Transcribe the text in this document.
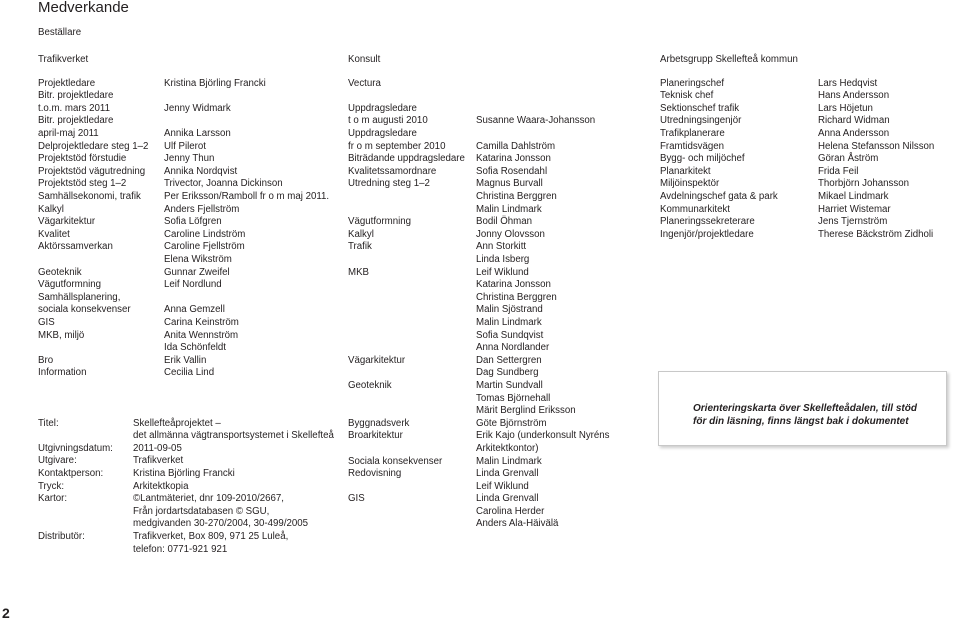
Medverkande
Beställare
Trafikverket	Konsult	Arbetsgrupp Skellefteå kommun
Projektledare	Kristina Björling Francki
Bitr. projektledare
t.o.m. mars 2011	Jenny Widmark
Bitr. projektledare
april-maj 2011	Annika Larsson
Delprojektledare steg 1–2	Ulf Pilerot
Projektstöd förstudie	Jenny Thun
Projektstöd vägutredning	Annika Nordqvist
Projektstöd steg 1–2	Trivector, Joanna Dickinson
Samhällsekonomi, trafik	Per Eriksson/Ramboll fr o m maj 2011.
Kalkyl	Anders Fjellström
Vägarkitektur	Sofia Löfgren
Kvalitet	Caroline Lindström
Aktörssamverkan	Caroline Fjellström
Elena Wikström
Geoteknik	Gunnar Zweifel
Vägutformning	Leif Nordlund
Samhällsplanering,
sociala konsekvenser	Anna Gemzell
GIS	Carina Keinström
MKB, miljö	Anita Wennström
Ida Schönfeldt
Bro	Erik Vallin
Information	Cecilia Lind
Vectura
Uppdragsledare
t o m augusti 2010	Susanne Waara-Johansson
Uppdragsledare
fr o m september 2010	Camilla Dahlström
Biträdande uppdragsledare	Katarina Jonsson
Kvalitetssamordnare	Sofia Rosendahl
Utredning steg 1–2	Magnus Burvall
Christina Berggren
Malin Lindmark
Vägutformning	Bodil Öhman
Kalkyl	Jonny Olovsson
Trafik	Ann Storkitt
Linda Isberg
MKB	Leif Wiklund
Katarina Jonsson
Christina Berggren
Malin Sjöstrand
Malin Lindmark
Sofia Sundqvist
Anna Nordlander
Vägarkitektur	Dan Settergren
Dag Sundberg
Geoteknik	Martin Sundvall
Tomas Björnehall
Märit Berglind Eriksson
Byggnadsverk	Göte Björnström
Broarkitektur	Erik Kajo (underkonsult Nyréns
Arkitektkontor)
Sociala konsekvenser	Malin Lindmark
Redovisning	Linda Grenvall
Leif Wiklund
GIS	Linda Grenvall
Carolina Herder
Anders Ala-Häivälä
Planeringschef	Lars Hedqvist
Teknisk chef	Hans Andersson
Sektionschef trafik	Lars Höjetun
Utredningsingenjör	Richard Widman
Trafikplanerare	Anna Andersson
Framtidsvägen	Helena Stefansson Nilsson
Bygg- och miljöchef	Göran Åström
Planarkitekt	Frida Feil
Miljöinspektör	Thorbjörn Johansson
Avdelningschef gata & park	Mikael Lindmark
Kommunarkitekt	Harriet Wistemar
Planeringssekreterare	Jens Tjernström
Ingenjör/projektledare	Therese Bäckström Zidholi
Titel:	Skellefteåprojektet –
det allmänna vägtransportsystemet i Skellefteå
Utgivningsdatum:	2011-09-05
Utgivare:	Trafikverket
Kontaktperson:	Kristina Björling Francki
Tryck:	Arkitektkopia
Kartor:	©Lantmäteriet, dnr 109-2010/2667,
Från jordartsdatabasen © SGU,
medgivanden 30-270/2004, 30-499/2005
Distributör:	Trafikverket, Box 809, 971 25 Luleå,
telefon: 0771-921 921
Orienteringskarta över Skellefteådalen, till stöd
för din läsning, finns längst bak i dokumentet
2
